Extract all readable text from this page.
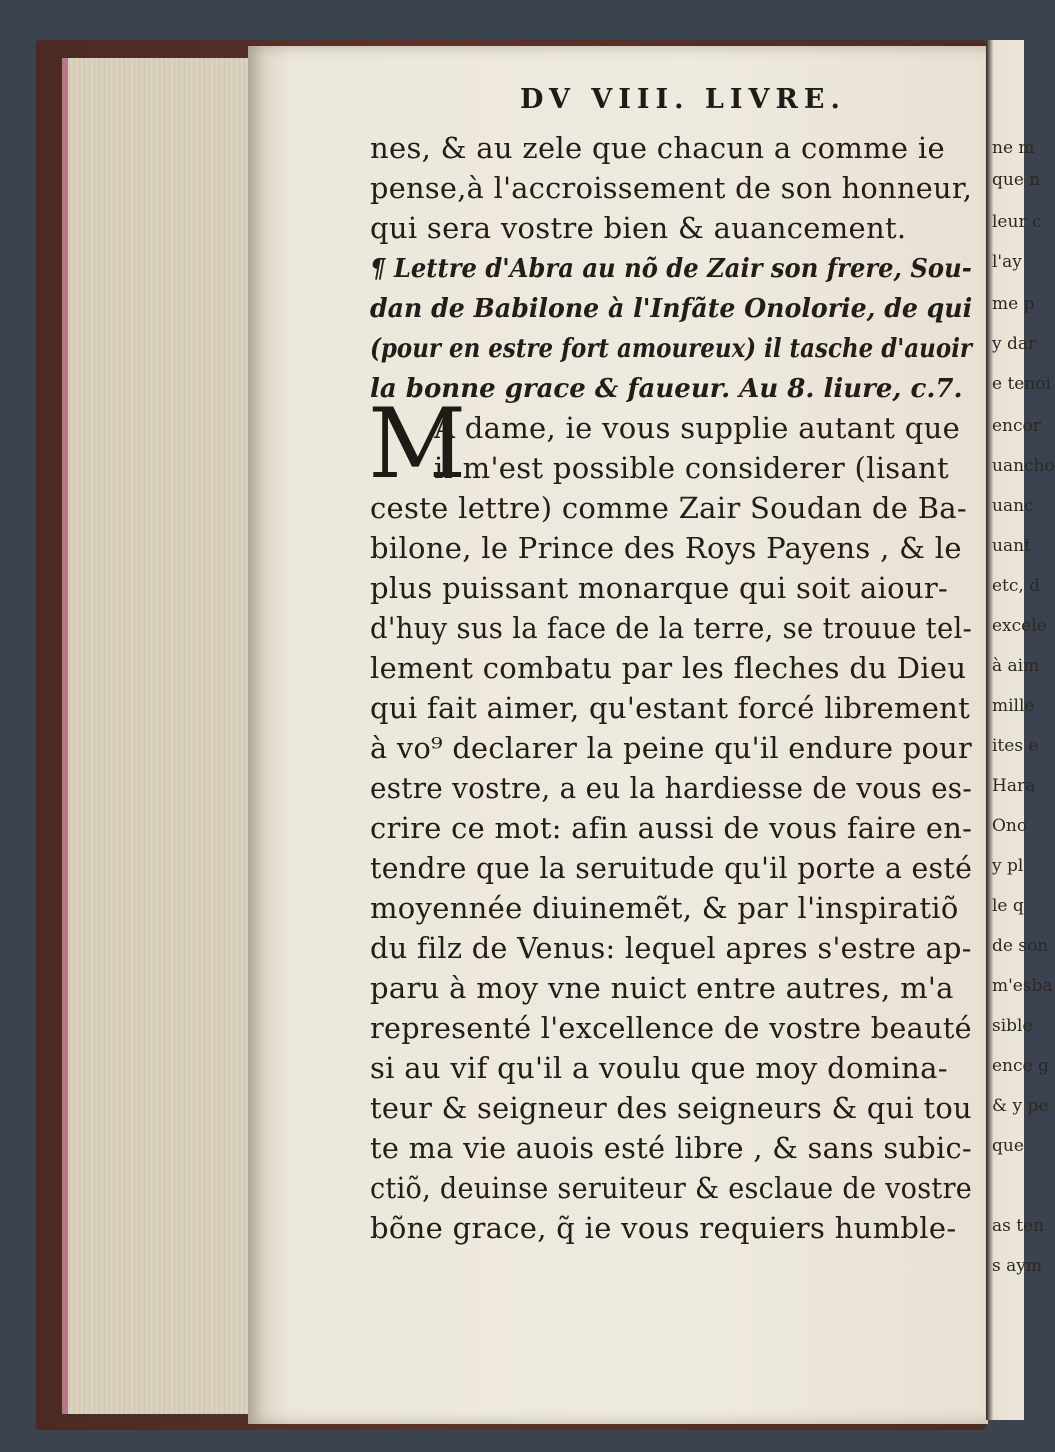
DV VIII. LIVRE.
nes, & au zele que chacun a comme ie
pense,à l'accroissement de son honneur,
qui sera vostre bien & auancement.
¶ Lettre d'Abra au nõ de Zair son frere, Sou-
dan de Babilone à l'Infãte Onolorie, de qui
(pour en estre fort amoureux) il tasche d'auoir
la bonne grace & faueur. Au 8. liure, c.7.
M
A dame, ie vous supplie autant que
il m'est possible considerer (lisant
ceste lettre) comme Zair Soudan de Ba-
bilone, le Prince des Roys Payens , & le
plus puissant monarque qui soit aiour-
d'huy sus la face de la terre, se trouue tel-
lement combatu par les fleches du Dieu
qui fait aimer, qu'estant forcé librement
à vo⁹ declarer la peine qu'il endure pour
estre vostre, a eu la hardiesse de vous es-
crire ce mot: afin aussi de vous faire en-
tendre que la seruitude qu'il porte a esté
moyennée diuinemẽt, & par l'inspiratiõ
du filz de Venus: lequel apres s'estre ap-
paru à moy vne nuict entre autres, m'a
representé l'excellence de vostre beauté
si au vif qu'il a voulu que moy domina-
teur & seigneur des seigneurs & qui tou
te ma vie auois esté libre , & sans subic-
ctiõ, deuinse seruiteur & esclaue de vostre
bõne grace, q̃ ie vous requiers humble-
ne m
que n
leur c
l'ay
me p
y dar
e tenoi
encor
uancho
uanc
uant
etc, d
excele
à aim
mille
ites e
Hara
Ono
y pl
le q
de son
m'esba
sible
ence g
& y pe
que
as ten
s aym
